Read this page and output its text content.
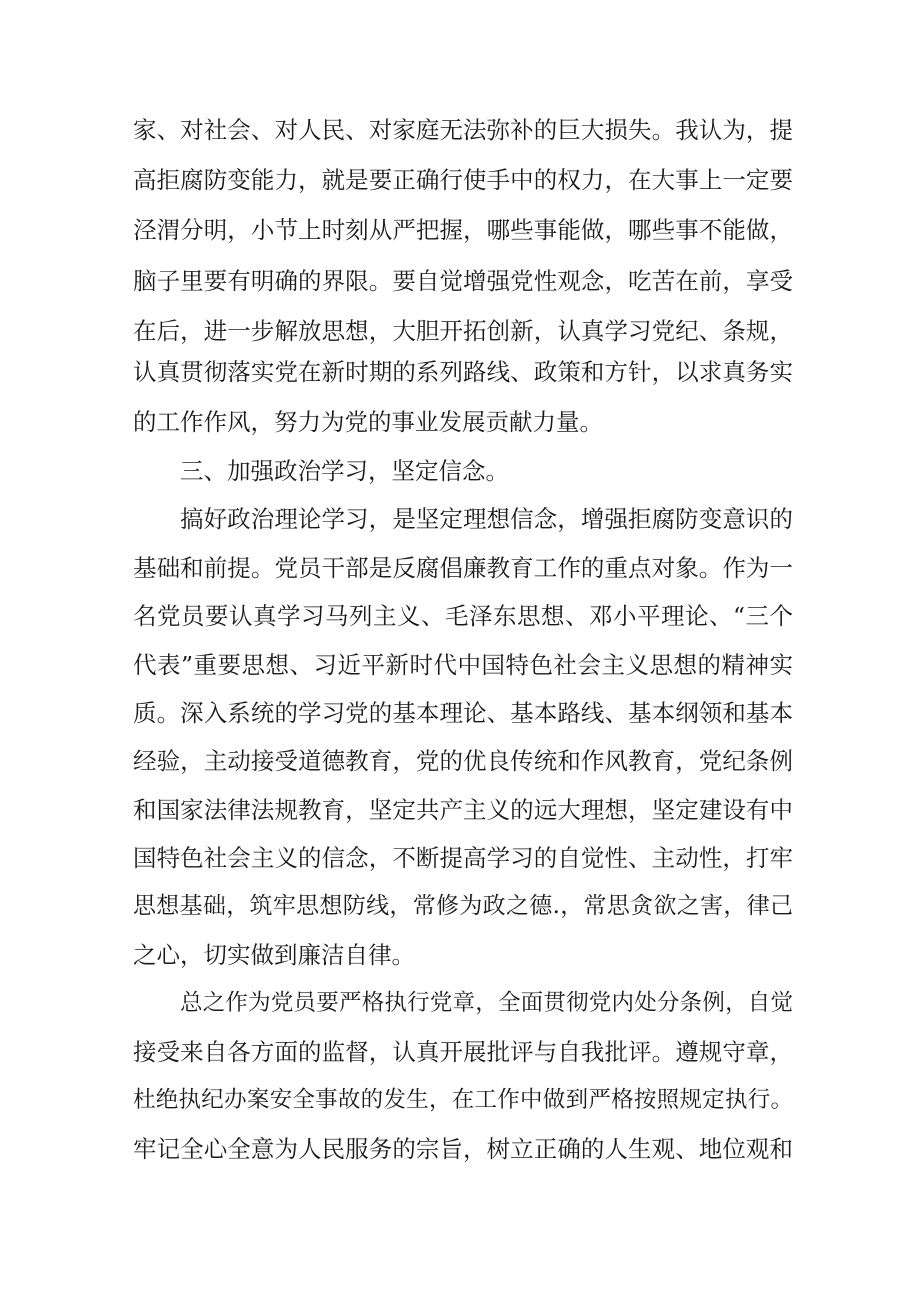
家、对社会、对人民、对家庭无法弥补的巨大损失。我认为，提

高拒腐防变能力，就是要正确行使手中的权力，在大事上一定要

泾渭分明，小节上时刻从严把握，哪些事能做，哪些事不能做，

脑子里要有明确的界限。要自觉增强党性观念，吃苦在前，享受

在后，进一步解放思想，大胆开拓创新，认真学习党纪、条规，

认真贯彻落实党在新时期的系列路线、政策和方针，以求真务实

的工作作风，努力为党的事业发展贡献力量。

三、加强政治学习，坚定信念。

搞好政治理论学习，是坚定理想信念，增强拒腐防变意识的

基础和前提。党员干部是反腐倡廉教育工作的重点对象。作为一

名党员要认真学习马列主义、毛泽东思想、邓小平理论、“三个

代表”重要思想、习近平新时代中国特色社会主义思想的精神实

质。深入系统的学习党的基本理论、基本路线、基本纲领和基本

经验，主动接受道德教育，党的优良传统和作风教育，党纪条例

和国家法律法规教育，坚定共产主义的远大理想，坚定建设有中

国特色社会主义的信念，不断提高学习的自觉性、主动性，打牢

思想基础，筑牢思想防线，常修为政之德.，常思贪欲之害，律己

之心，切实做到廉洁自律。

总之作为党员要严格执行党章，全面贯彻党内处分条例，自觉

接受来自各方面的监督，认真开展批评与自我批评。遵规守章，

杜绝执纪办案安全事故的发生，在工作中做到严格按照规定执行。

牢记全心全意为人民服务的宗旨，树立正确的人生观、地位观和
